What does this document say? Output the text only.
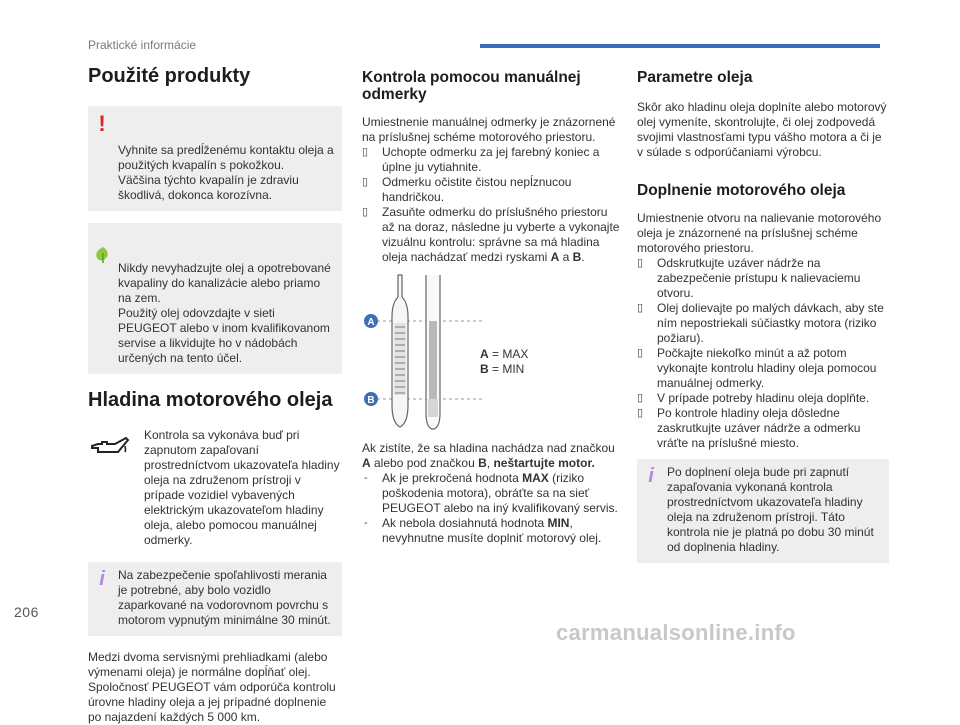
Praktické informácie
206
carmanualsonline.info
Použité produkty

!

Vyhnite sa predĺženému kontaktu oleja a použitých kvapalín s pokožkou.
Väčšina týchto kvapalín je zdraviu škodlivá, dokonca korozívna.

Nikdy nevyhadzujte olej a opotrebované kvapaliny do kanalizácie alebo priamo na zem.
Použitý olej odovzdajte v sieti PEUGEOT alebo v inom kvalifikovanom servise a likvidujte ho v nádobách určených na tento účel.

Hladina motorového oleja

Kontrola sa vykonáva buď pri zapnutom zapaľovaní prostredníctvom ukazovateľa hladiny oleja na združenom prístroji v prípade vozidiel vybavených elektrickým ukazovateľom hladiny oleja, alebo pomocou manuálnej odmerky.

i	Na zabezpečenie spoľahlivosti merania je potrebné, aby bolo vozidlo zaparkované na vodorovnom povrchu s motorom vypnutým minimálne 30 minút.

Medzi dvoma servisnými prehliadkami (alebo výmenami oleja) je normálne dopĺňať olej. Spoločnosť PEUGEOT vám odporúča kontrolu úrovne hladiny oleja a jej prípadné doplnenie po najazdení každých 5 000 km.

Kontrola pomocou manuálnej odmerky

Umiestnenie manuálnej odmerky je znázornené na príslušnej schéme motorového priestoru.

▯ Uchopte odmerku za jej farebný koniec a úplne ju vytiahnite.
▯ Odmerku očistite čistou nepĺznucou handričkou.
▯ Zasuňte odmerku do príslušného priestoru až na doraz, následne ju vyberte a vykonajte vizuálnu kontrolu: správne sa má hladina oleja nachádzať medzi ryskami A a B.
A
B
A = MAX
B = MIN

Ak zistíte, že sa hladina nachádza nad značkou A alebo pod značkou B, neštartujte motor.

- Ak je prekročená hodnota MAX (riziko poškodenia motora), obráťte sa na sieť PEUGEOT alebo na iný kvalifikovaný servis.
- Ak nebola dosiahnutá hodnota MIN, nevyhnutne musíte doplniť motorový olej.
Parametre oleja

Skôr ako hladinu oleja doplníte alebo motorový olej vymeníte, skontrolujte, či olej zodpovedá svojimi vlastnosťami typu vášho motora a či je v súlade s odporúčaniami výrobcu.

Doplnenie motorového oleja

Umiestnenie otvoru na nalievanie motorového oleja je znázornené na príslušnej schéme motorového priestoru.

▯ Odskrutkujte uzáver nádrže na zabezpečenie prístupu k nalievaciemu otvoru.
▯ Olej dolievajte po malých dávkach, aby ste ním nepostriekali súčiastky motora (riziko požiaru).
▯ Počkajte niekoľko minút a až potom vykonajte kontrolu hladiny oleja pomocou manuálnej odmerky.
▯ V prípade potreby hladinu oleja doplňte.
▯ Po kontrole hladiny oleja dôsledne zaskrutkujte uzáver nádrže a odmerku vráťte na príslušné miesto.
i	Po doplnení oleja bude pri zapnutí zapaľovania vykonaná kontrola prostredníctvom ukazovateľa hladiny oleja na združenom prístroji. Táto kontrola nie je platná po dobu 30 minút od doplnenia hladiny.
